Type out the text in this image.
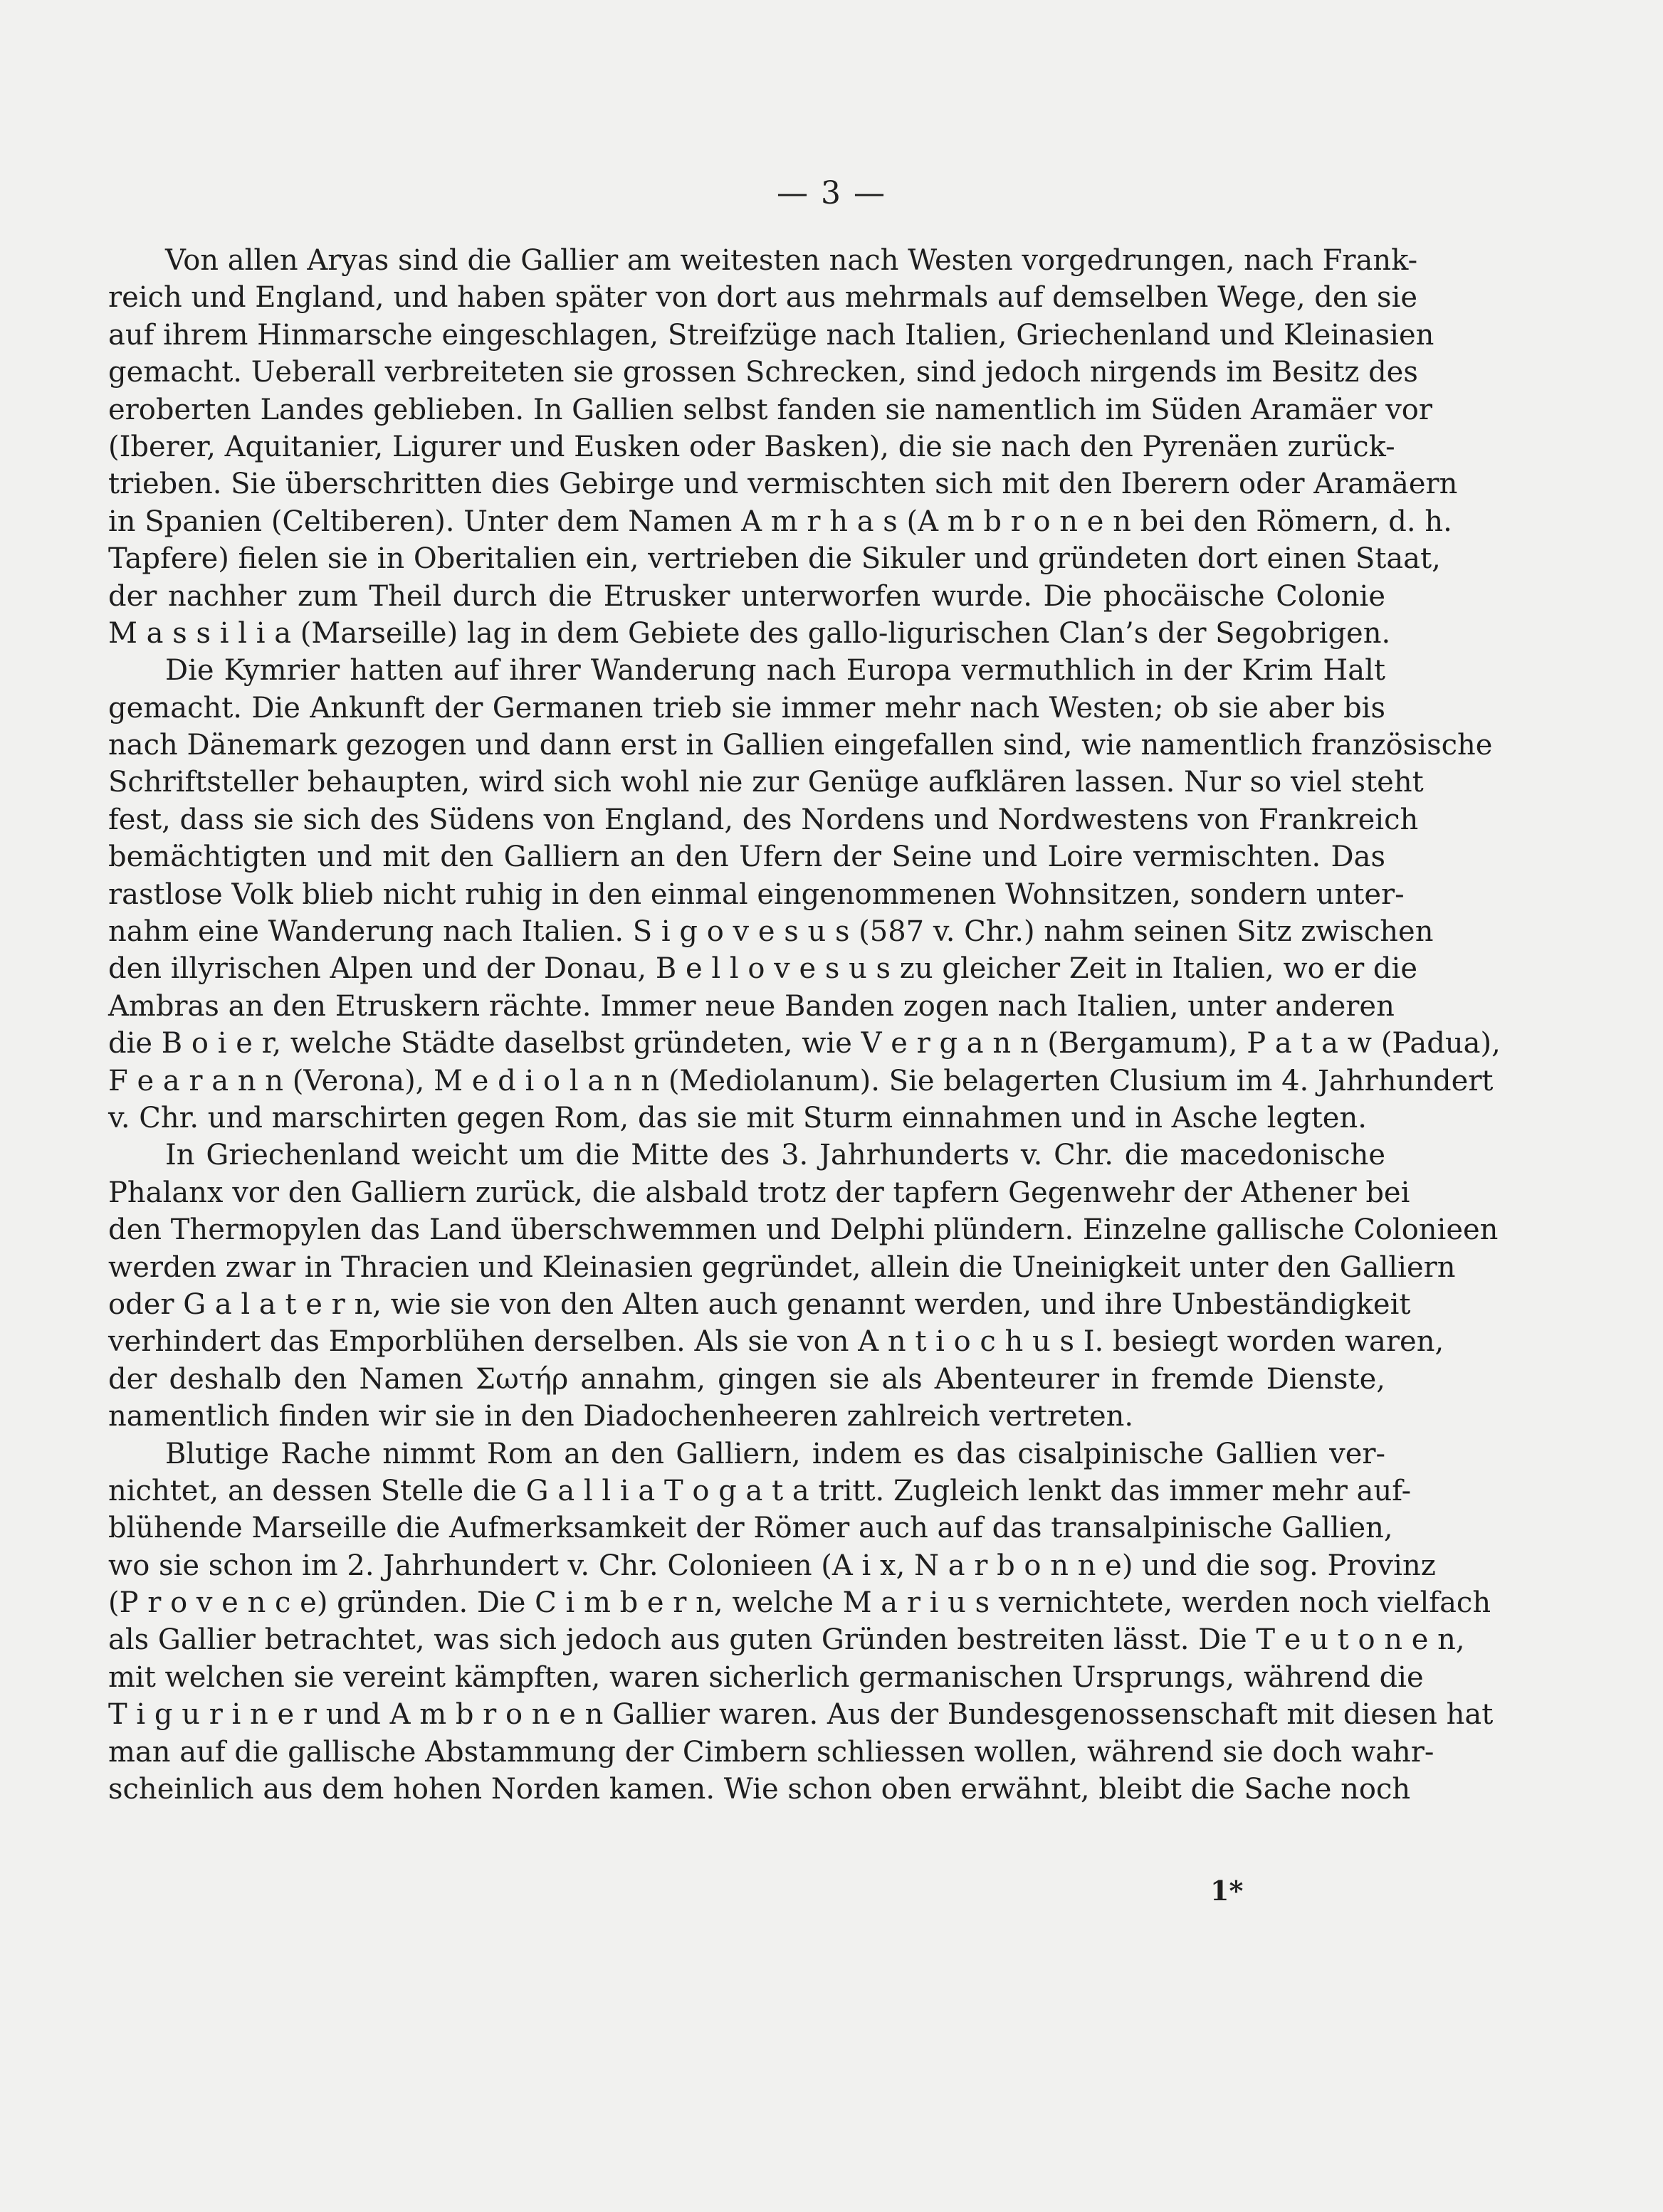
— 3 —
Von allen Aryas sind die Gallier am weitesten nach Westen vorgedrungen, nach Frank-
reich und England, und haben später von dort aus mehrmals auf demselben Wege, den sie
auf ihrem Hinmarsche eingeschlagen, Streifzüge nach Italien, Griechenland und Kleinasien
gemacht. Ueberall verbreiteten sie grossen Schrecken, sind jedoch nirgends im Besitz des
eroberten Landes geblieben. In Gallien selbst fanden sie namentlich im Süden Aramäer vor
(Iberer, Aquitanier, Ligurer und Eusken oder Basken), die sie nach den Pyrenäen zurück-
trieben. Sie überschritten dies Gebirge und vermischten sich mit den Iberern oder Aramäern
in Spanien (Celtiberen). Unter dem Namen A m r h a s (A m b r o n e n bei den Römern, d. h.
Tapfere) fielen sie in Oberitalien ein, vertrieben die Sikuler und gründeten dort einen Staat,
der nachher zum Theil durch die Etrusker unterworfen wurde. Die phocäische Colonie
M a s s i l i a (Marseille) lag in dem Gebiete des gallo-ligurischen Clan’s der Segobrigen.
Die Kymrier hatten auf ihrer Wanderung nach Europa vermuthlich in der Krim Halt
gemacht. Die Ankunft der Germanen trieb sie immer mehr nach Westen; ob sie aber bis
nach Dänemark gezogen und dann erst in Gallien eingefallen sind, wie namentlich französische
Schriftsteller behaupten, wird sich wohl nie zur Genüge aufklären lassen. Nur so viel steht
fest, dass sie sich des Südens von England, des Nordens und Nordwestens von Frankreich
bemächtigten und mit den Galliern an den Ufern der Seine und Loire vermischten. Das
rastlose Volk blieb nicht ruhig in den einmal eingenommenen Wohnsitzen, sondern unter-
nahm eine Wanderung nach Italien. S i g o v e s u s (587 v. Chr.) nahm seinen Sitz zwischen
den illyrischen Alpen und der Donau, B e l l o v e s u s zu gleicher Zeit in Italien, wo er die
Ambras an den Etruskern rächte. Immer neue Banden zogen nach Italien, unter anderen
die B o i e r, welche Städte daselbst gründeten, wie V e r g a n n (Bergamum), P a t a w (Padua),
F e a r a n n (Verona), M e d i o l a n n (Mediolanum). Sie belagerten Clusium im 4. Jahrhundert
v. Chr. und marschirten gegen Rom, das sie mit Sturm einnahmen und in Asche legten.
In Griechenland weicht um die Mitte des 3. Jahrhunderts v. Chr. die macedonische
Phalanx vor den Galliern zurück, die alsbald trotz der tapfern Gegenwehr der Athener bei
den Thermopylen das Land überschwemmen und Delphi plündern. Einzelne gallische Colonieen
werden zwar in Thracien und Kleinasien gegründet, allein die Uneinigkeit unter den Galliern
oder G a l a t e r n, wie sie von den Alten auch genannt werden, und ihre Unbeständigkeit
verhindert das Emporblühen derselben. Als sie von A n t i o c h u s I. besiegt worden waren,
der deshalb den Namen Σωτήρ annahm, gingen sie als Abenteurer in fremde Dienste,
namentlich finden wir sie in den Diadochenheeren zahlreich vertreten.
Blutige Rache nimmt Rom an den Galliern, indem es das cisalpinische Gallien ver-
nichtet, an dessen Stelle die G a l l i a T o g a t a tritt. Zugleich lenkt das immer mehr auf-
blühende Marseille die Aufmerksamkeit der Römer auch auf das transalpinische Gallien,
wo sie schon im 2. Jahrhundert v. Chr. Colonieen (A i x, N a r b o n n e) und die sog. Provinz
(P r o v e n c e) gründen. Die C i m b e r n, welche M a r i u s vernichtete, werden noch vielfach
als Gallier betrachtet, was sich jedoch aus guten Gründen bestreiten lässt. Die T e u t o n e n,
mit welchen sie vereint kämpften, waren sicherlich germanischen Ursprungs, während die
T i g u r i n e r und A m b r o n e n Gallier waren. Aus der Bundesgenossenschaft mit diesen hat
man auf die gallische Abstammung der Cimbern schliessen wollen, während sie doch wahr-
scheinlich aus dem hohen Norden kamen. Wie schon oben erwähnt, bleibt die Sache noch
1*
